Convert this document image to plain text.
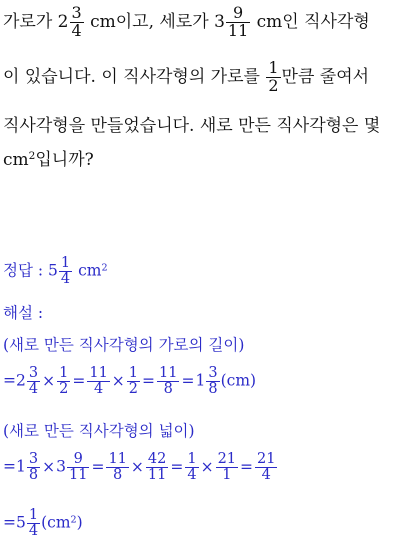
가로가 $2 \frac{3}{4}$ cm이고, 세로가 $3 \frac{9}{11}$ cm인 직사각형
이 있습니다. 이 직사각형의 가로를 $\frac{1}{2}$ 만큼 줄여서
직사각형을 만들었습니다. 새로 만든 직사각형은 몇
$cm^2$입니까?
정답 : $5 \frac{1}{4} cm^2$
해설 :
(새로 만든 직사각형의 가로의 길이)
$=2 \frac{3}{4} \times \frac{1}{2} = \frac{11}{4} \times \frac{1}{2} = \frac{11}{8} =1 \frac{3}{8} (cm)$
(새로 만든 직사각형의 넓이)
$=1 \frac{3}{8} \times 3 \frac{9}{11} = \frac{11}{8} \times \frac{42}{11} = \frac{1}{4} \times \frac{21}{1} = \frac{21}{4}$
$=5 \frac{1}{4} (cm^2)$
